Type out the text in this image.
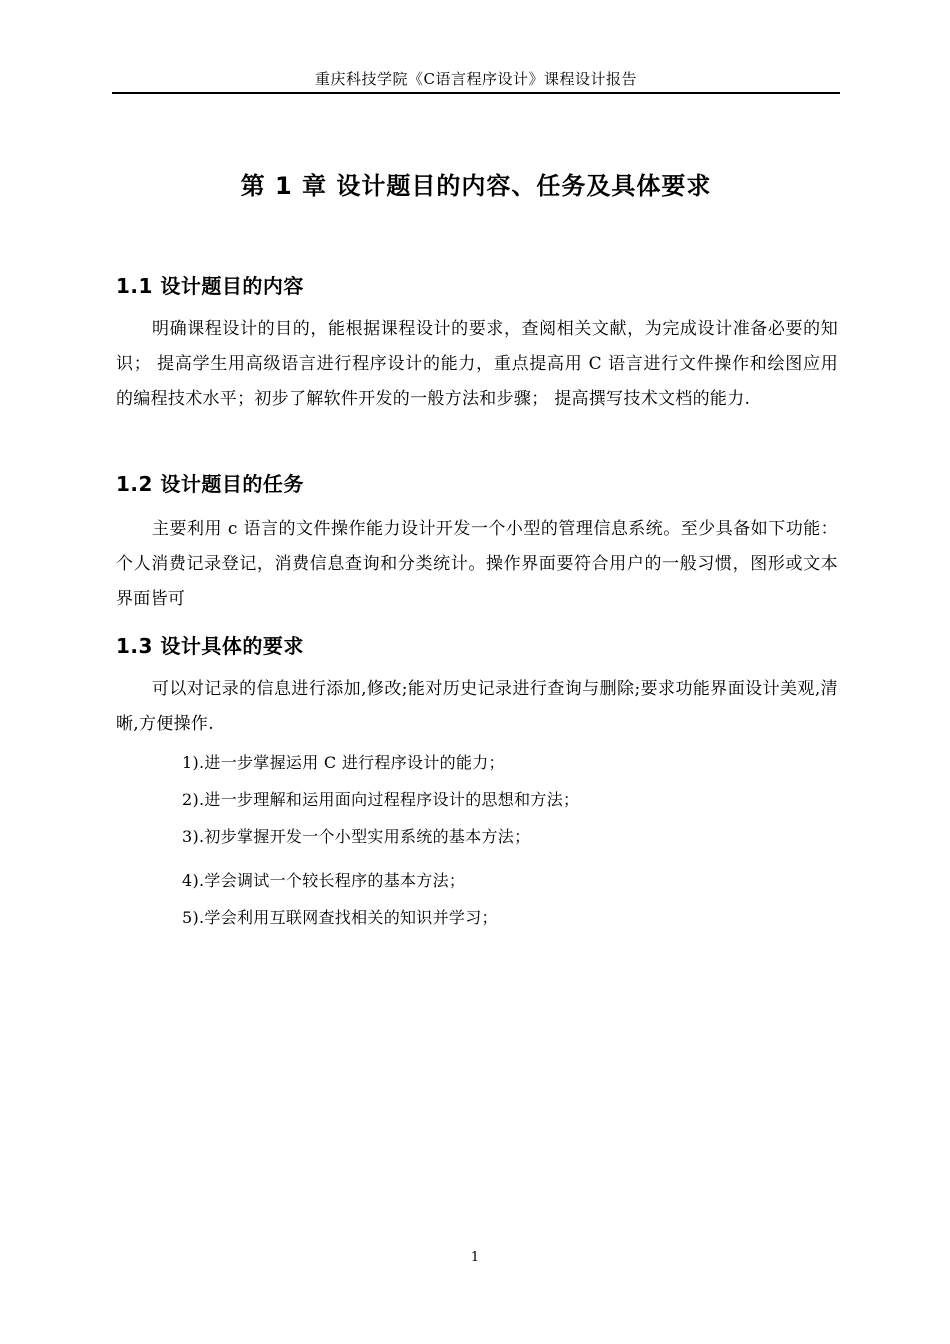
重庆科技学院《C语言程序设计》课程设计报告
第 1 章 设计题目的内容、任务及具体要求
1.1 设计题目的内容
明确课程设计的目的，能根据课程设计的要求，查阅相关文献，为完成设计准备必要的知识； 提高学生用高级语言进行程序设计的能力，重点提高用 C 语言进行文件操作和绘图应用的编程技术水平；初步了解软件开发的一般方法和步骤； 提高撰写技术文档的能力.
1.2 设计题目的任务
主要利用 c 语言的文件操作能力设计开发一个小型的管理信息系统。至少具备如下功能：个人消费记录登记，消费信息查询和分类统计。操作界面要符合用户的一般习惯，图形或文本界面皆可
1.3 设计具体的要求
可以对记录的信息进行添加,修改;能对历史记录进行查询与删除;要求功能界面设计美观,清晰,方便操作.
1).进一步掌握运用 C 进行程序设计的能力；
2).进一步理解和运用面向过程程序设计的思想和方法；
3).初步掌握开发一个小型实用系统的基本方法；
4).学会调试一个较长程序的基本方法；
5).学会利用互联网查找相关的知识并学习；
1
